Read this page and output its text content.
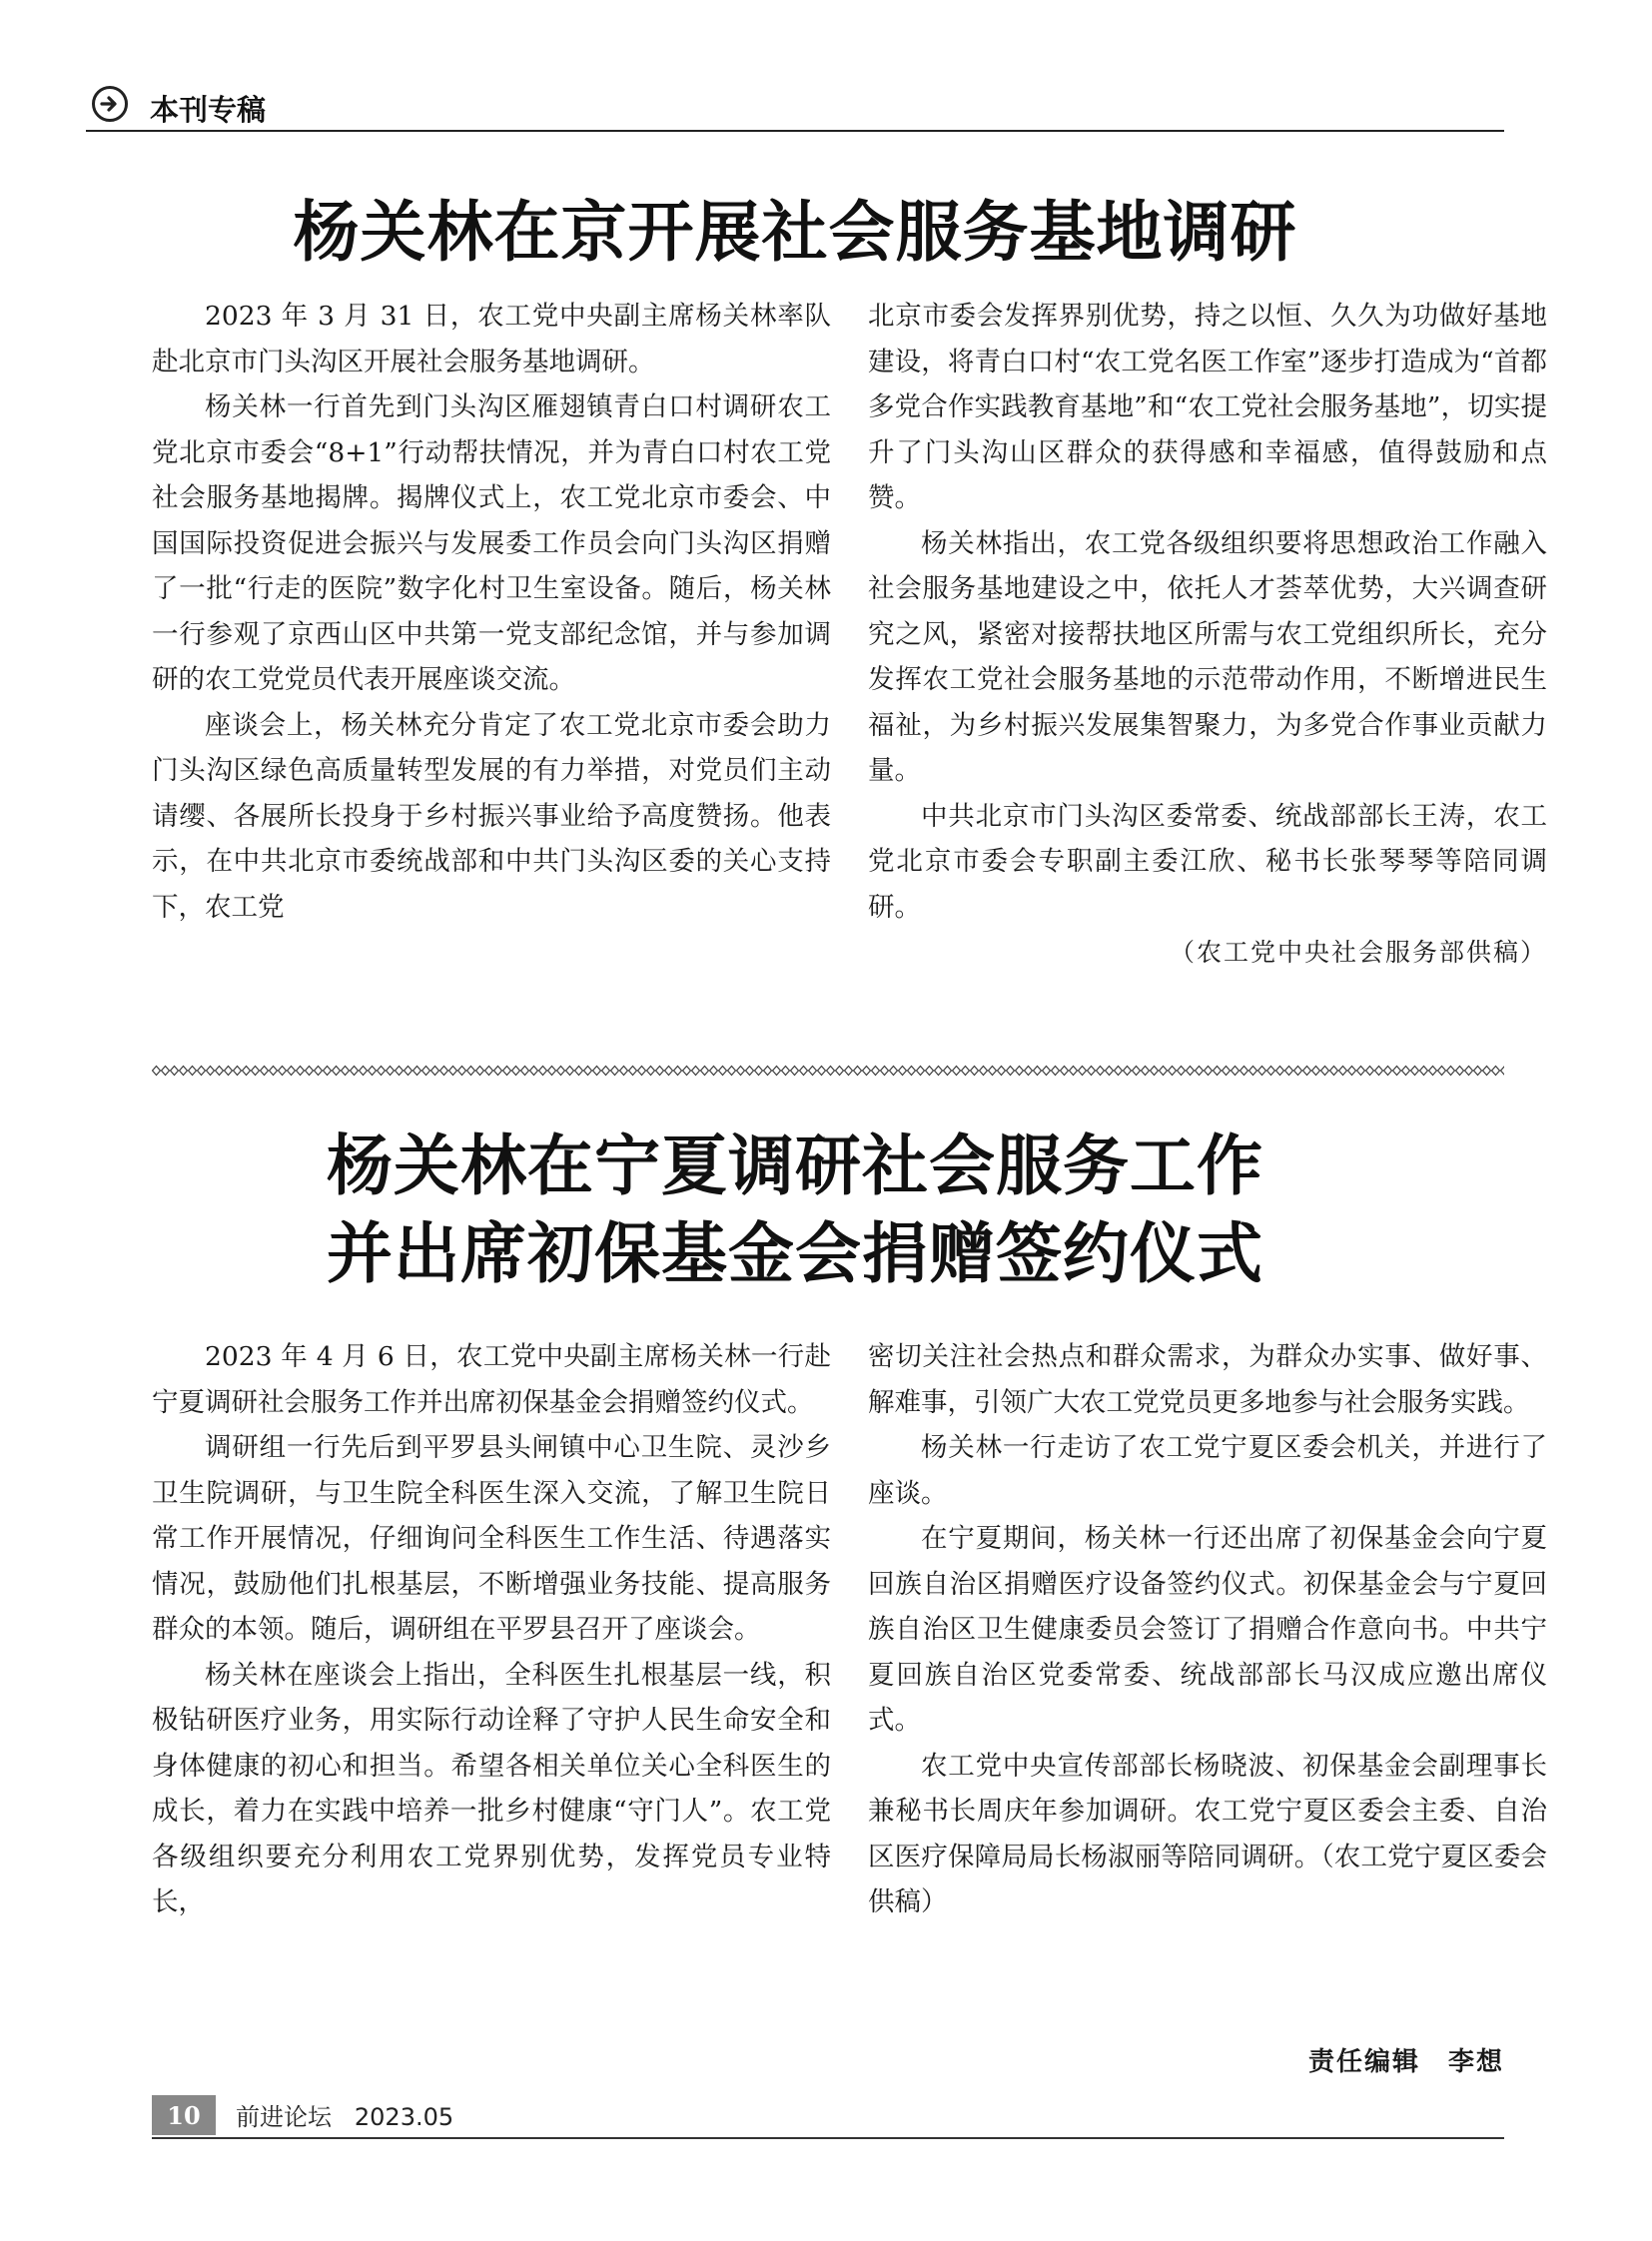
本刊专稿
杨关林在京开展社会服务基地调研

2023 年 3 月 31 日，农工党中央副主席杨关林率队赴北京市门头沟区开展社会服务基地调研。

杨关林一行首先到门头沟区雁翅镇青白口村调研农工党北京市委会“8+1”行动帮扶情况，并为青白口村农工党社会服务基地揭牌。揭牌仪式上，农工党北京市委会、中国国际投资促进会振兴与发展委工作员会向门头沟区捐赠了一批“行走的医院”数字化村卫生室设备。随后，杨关林一行参观了京西山区中共第一党支部纪念馆，并与参加调研的农工党党员代表开展座谈交流。

座谈会上，杨关林充分肯定了农工党北京市委会助力门头沟区绿色高质量转型发展的有力举措，对党员们主动请缨、各展所长投身于乡村振兴事业给予高度赞扬。他表示，在中共北京市委统战部和中共门头沟区委的关心支持下，农工党

北京市委会发挥界别优势，持之以恒、久久为功做好基地建设，将青白口村“农工党名医工作室”逐步打造成为“首都多党合作实践教育基地”和“农工党社会服务基地”，切实提升了门头沟山区群众的获得感和幸福感，值得鼓励和点赞。

杨关林指出，农工党各级组织要将思想政治工作融入社会服务基地建设之中，依托人才荟萃优势，大兴调查研究之风，紧密对接帮扶地区所需与农工党组织所长，充分发挥农工党社会服务基地的示范带动作用，不断增进民生福祉，为乡村振兴发展集智聚力，为多党合作事业贡献力量。

中共北京市门头沟区委常委、统战部部长王涛，农工党北京市委会专职副主委江欣、秘书长张琴琴等陪同调研。

（农工党中央社会服务部供稿）
杨关林在宁夏调研社会服务工作
并出席初保基金会捐赠签约仪式

2023 年 4 月 6 日，农工党中央副主席杨关林一行赴宁夏调研社会服务工作并出席初保基金会捐赠签约仪式。

调研组一行先后到平罗县头闸镇中心卫生院、灵沙乡卫生院调研，与卫生院全科医生深入交流，了解卫生院日常工作开展情况，仔细询问全科医生工作生活、待遇落实情况，鼓励他们扎根基层，不断增强业务技能、提高服务群众的本领。随后，调研组在平罗县召开了座谈会。

杨关林在座谈会上指出，全科医生扎根基层一线，积极钻研医疗业务，用实际行动诠释了守护人民生命安全和身体健康的初心和担当。希望各相关单位关心全科医生的成长，着力在实践中培养一批乡村健康“守门人”。农工党各级组织要充分利用农工党界别优势，发挥党员专业特长，

密切关注社会热点和群众需求，为群众办实事、做好事、解难事，引领广大农工党党员更多地参与社会服务实践。

杨关林一行走访了农工党宁夏区委会机关，并进行了座谈。

在宁夏期间，杨关林一行还出席了初保基金会向宁夏回族自治区捐赠医疗设备签约仪式。初保基金会与宁夏回族自治区卫生健康委员会签订了捐赠合作意向书。中共宁夏回族自治区党委常委、统战部部长马汉成应邀出席仪式。

农工党中央宣传部部长杨晓波、初保基金会副理事长兼秘书长周庆年参加调研。农工党宁夏区委会主委、自治区医疗保障局局长杨淑丽等陪同调研。（农工党宁夏区委会供稿）

责任编辑　李想
10	前进论坛 2023.05
